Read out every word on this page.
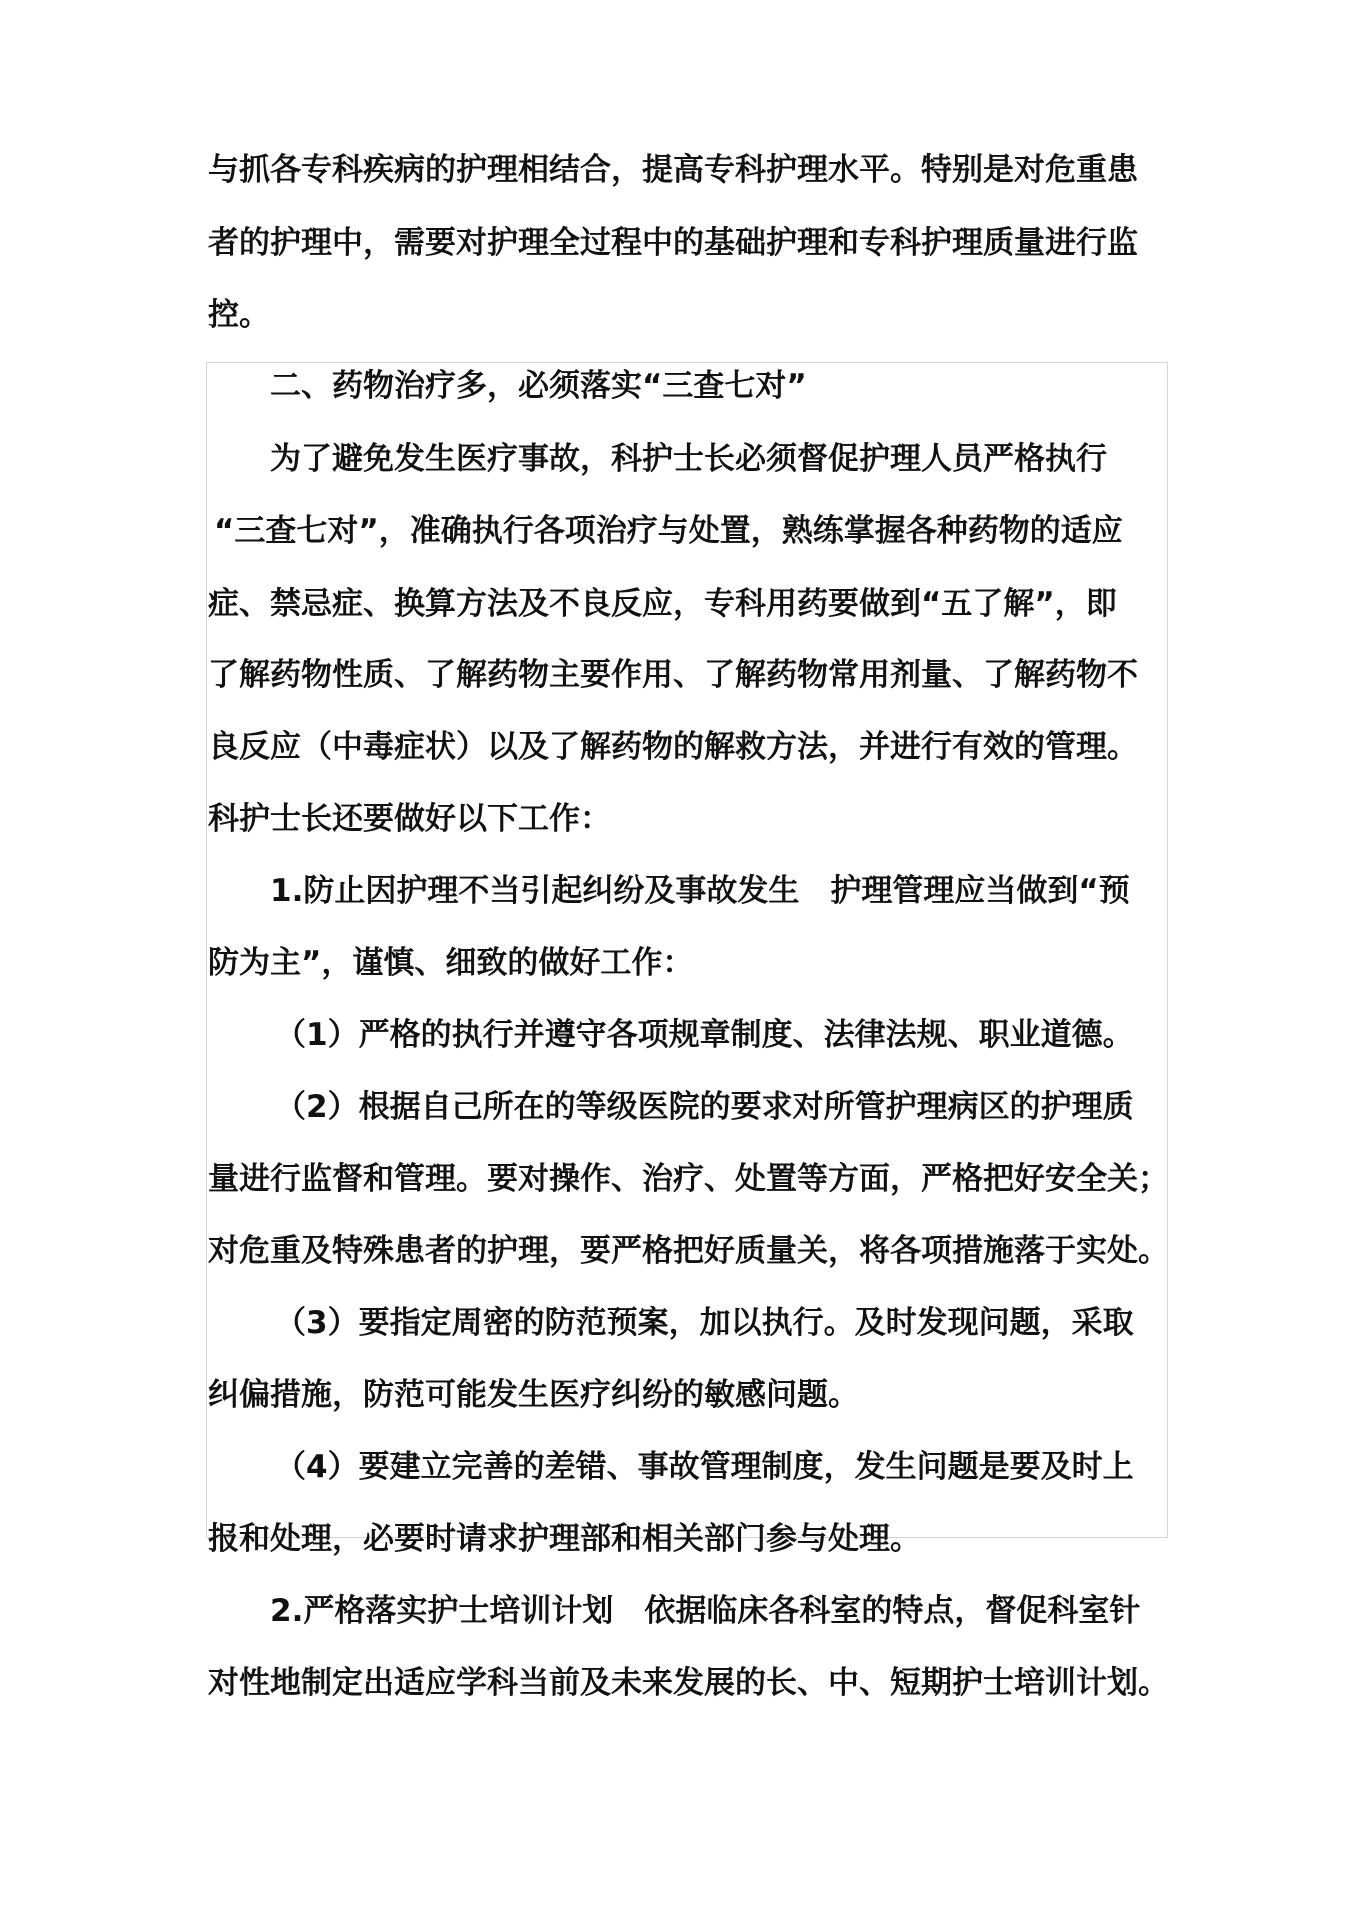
与抓各专科疾病的护理相结合，提高专科护理水平。特别是对危重患
者的护理中，需要对护理全过程中的基础护理和专科护理质量进行监
控。
二、药物治疗多，必须落实“三查七对”
为了避免发生医疗事故，科护士长必须督促护理人员严格执行
“三查七对”，准确执行各项治疗与处置，熟练掌握各种药物的适应
症、禁忌症、换算方法及不良反应，专科用药要做到“五了解”，即
了解药物性质、了解药物主要作用、了解药物常用剂量、了解药物不
良反应（中毒症状）以及了解药物的解救方法，并进行有效的管理。
科护士长还要做好以下工作：
1.防止因护理不当引起纠纷及事故发生　护理管理应当做到“预
防为主”，谨慎、细致的做好工作：
（1）严格的执行并遵守各项规章制度、法律法规、职业道德。
（2）根据自己所在的等级医院的要求对所管护理病区的护理质
量进行监督和管理。要对操作、治疗、处置等方面，严格把好安全关；
对危重及特殊患者的护理，要严格把好质量关，将各项措施落于实处。
（3）要指定周密的防范预案，加以执行。及时发现问题，采取
纠偏措施，防范可能发生医疗纠纷的敏感问题。
（4）要建立完善的差错、事故管理制度，发生问题是要及时上
报和处理，必要时请求护理部和相关部门参与处理。
2.严格落实护士培训计划　依据临床各科室的特点，督促科室针
对性地制定出适应学科当前及未来发展的长、中、短期护士培训计划。
